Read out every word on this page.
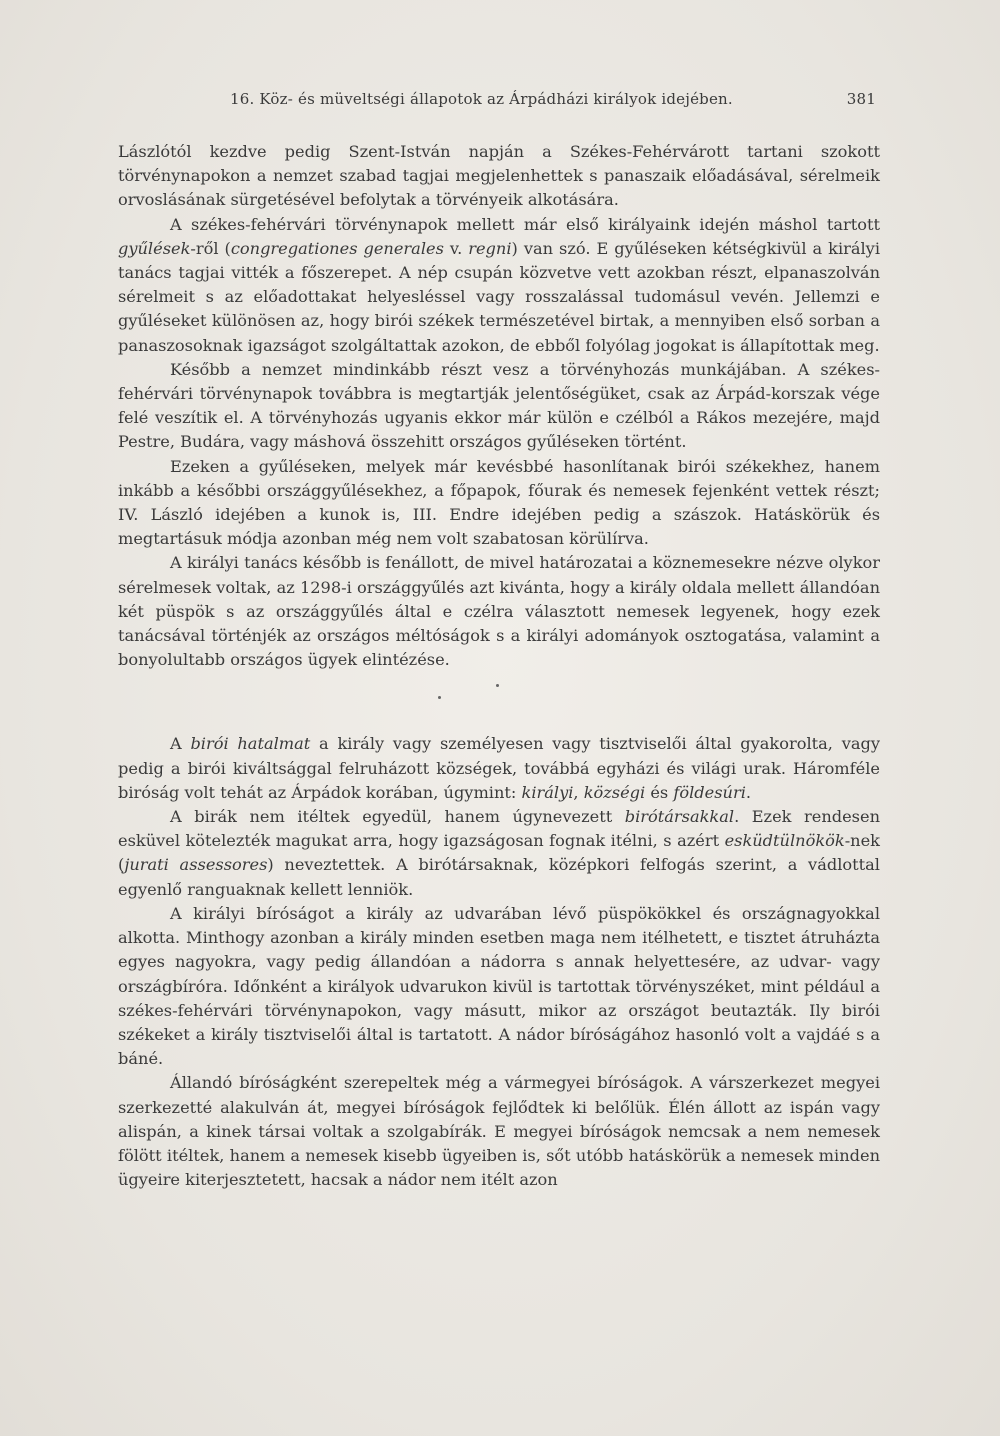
16. Köz- és müveltségi állapotok az Árpádházi királyok idejében.	381

Lászlótól kezdve pedig Szent-István napján a Székes-Fehérvárott tartani szokott törvénynapokon a nemzet szabad tagjai megjelenhettek s panaszaik előadásával, sérelmeik orvoslásának sürgetésével befolytak a törvényeik alkotására.

A székes-fehérvári törvénynapok mellett már első királyaink idején máshol tartott gyűlések-ről (congregationes generales v. regni) van szó. E gyűléseken kétségkivül a királyi tanács tagjai vitték a főszerepet. A nép csupán közvetve vett azokban részt, elpanaszolván sérelmeit s az előadottakat helyesléssel vagy rosszalással tudomásul vevén. Jellemzi e gyűléseket különösen az, hogy birói székek természetével birtak, a mennyiben első sorban a panaszosoknak igazságot szolgáltattak azokon, de ebből folyólag jogokat is állapítottak meg.

Később a nemzet mindinkább részt vesz a törvényhozás munkájában. A székes-fehérvári törvénynapok továbbra is megtartják jelentőségüket, csak az Árpád-korszak vége felé veszítik el. A törvényhozás ugyanis ekkor már külön e czélból a Rákos mezejére, majd Pestre, Budára, vagy máshová összehitt országos gyűléseken történt.

Ezeken a gyűléseken, melyek már kevésbbé hasonlítanak birói székekhez, hanem inkább a későbbi országgyűlésekhez, a főpapok, főurak és nemesek fejenként vettek részt; IV. László idejében a kunok is, III. Endre idejében pedig a szászok. Hatáskörük és megtartásuk módja azonban még nem volt szabatosan körülírva.

A királyi tanács később is fenállott, de mivel határozatai a köznemesekre nézve olykor sérelmesek voltak, az 1298-i országgyűlés azt kivánta, hogy a király oldala mellett állandóan két püspök s az országgyűlés által e czélra választott nemesek legyenek, hogy ezek tanácsával történjék az országos méltóságok s a királyi adományok osztogatása, valamint a bonyolultabb országos ügyek elintézése.

A birói hatalmat a király vagy személyesen vagy tisztviselői által gyakorolta, vagy pedig a birói kiváltsággal felruházott községek, továbbá egyházi és világi urak. Háromféle biróság volt tehát az Árpádok korában, úgymint: királyi, községi és földesúri.

A birák nem itéltek egyedül, hanem úgynevezett birótársakkal. Ezek rendesen esküvel kötelezték magukat arra, hogy igazságosan fognak itélni, s azért esküdtülnökök-nek (jurati assessores) neveztettek. A birótársaknak, középkori felfogás szerint, a vádlottal egyenlő ranguaknak kellett lenniök.

A királyi bíróságot a király az udvarában lévő püspökökkel és országnagyokkal alkotta. Minthogy azonban a király minden esetben maga nem itélhetett, e tisztet átruházta egyes nagyokra, vagy pedig állandóan a nádorra s annak helyettesére, az udvar- vagy országbíróra. Időnként a királyok udvarukon kivül is tartottak törvényszéket, mint például a székes-fehérvári törvénynapokon, vagy másutt, mikor az országot beutazták. Ily birói székeket a király tisztviselői által is tartatott. A nádor bíróságához hasonló volt a vajdáé s a báné.

Állandó bíróságként szerepeltek még a vármegyei bíróságok. A várszerkezet megyei szerkezetté alakulván át, megyei bíróságok fejlődtek ki belőlük. Élén állott az ispán vagy alispán, a kinek társai voltak a szolgabírák. E megyei bíróságok nemcsak a nem nemesek fölött itéltek, hanem a nemesek kisebb ügyeiben is, sőt utóbb hatáskörük a nemesek minden ügyeire kiterjesztetett, hacsak a nádor nem itélt azon
